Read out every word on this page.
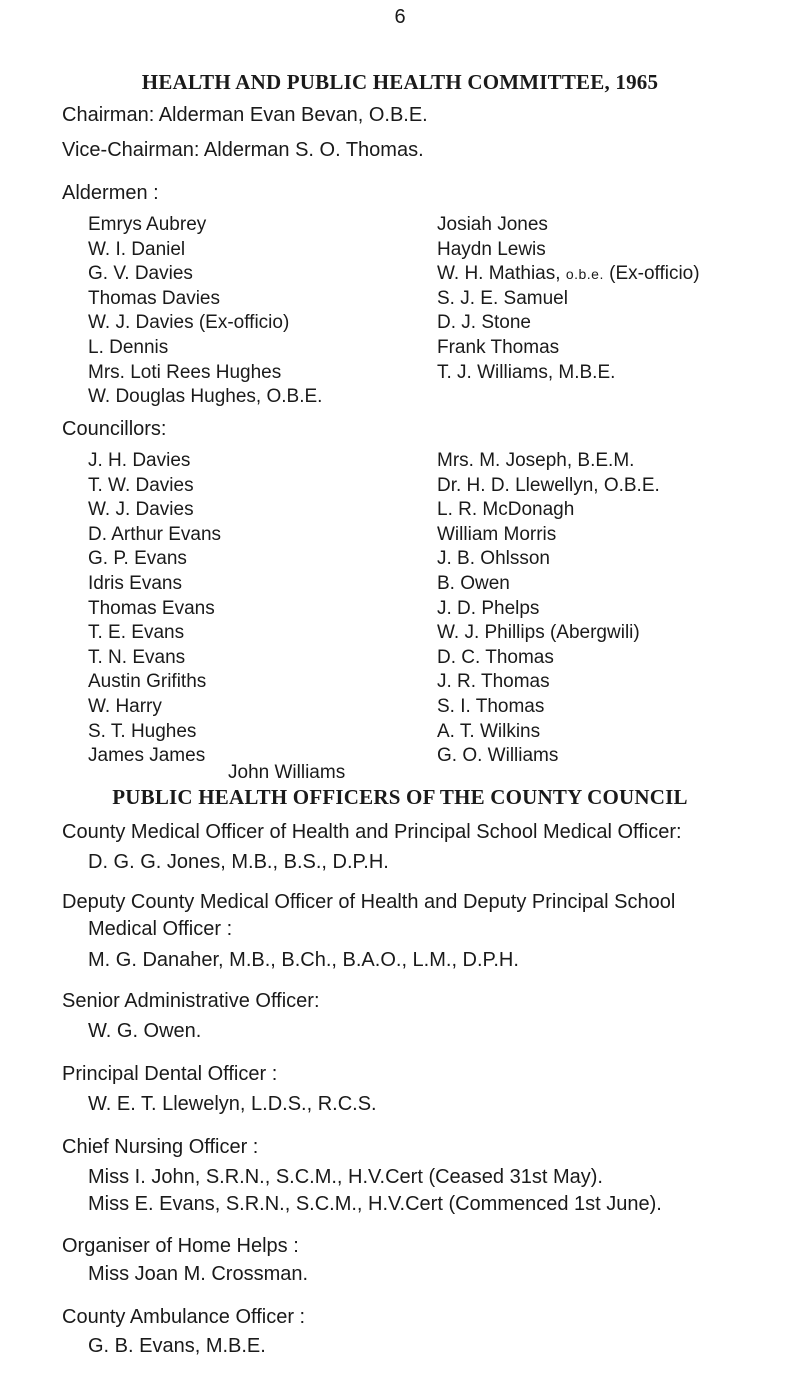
6
HEALTH AND PUBLIC HEALTH COMMITTEE, 1965
Chairman: Alderman Evan Bevan, O.B.E.
Vice-Chairman: Alderman S. O. Thomas.
Aldermen :
Emrys Aubrey
W. I. Daniel
G. V. Davies
Thomas Davies
W. J. Davies (Ex-officio)
L. Dennis
Mrs. Loti Rees Hughes
W. Douglas Hughes, O.B.E.
Josiah Jones
Haydn Lewis
W. H. Mathias, o.b.e. (Ex-officio)
S. J. E. Samuel
D. J. Stone
Frank Thomas
T. J. Williams, M.B.E.
Councillors:
J. H. Davies
T. W. Davies
W. J. Davies
D. Arthur Evans
G. P. Evans
Idris Evans
Thomas Evans
T. E. Evans
T. N. Evans
Austin Grifiths
W. Harry
S. T. Hughes
James James
Mrs. M. Joseph, B.E.M.
Dr. H. D. Llewellyn, O.B.E.
L. R. McDonagh
William Morris
J. B. Ohlsson
B. Owen
J. D. Phelps
W. J. Phillips (Abergwili)
D. C. Thomas
J. R. Thomas
S. I. Thomas
A. T. Wilkins
G. O. Williams
John Williams
PUBLIC HEALTH OFFICERS OF THE COUNTY COUNCIL
County Medical Officer of Health and Principal School Medical Officer:
D. G. G. Jones, M.B., B.S., D.P.H.
Deputy County Medical Officer of Health and Deputy Principal School
Medical Officer :
M. G. Danaher, M.B., B.Ch., B.A.O., L.M., D.P.H.
Senior Administrative Officer:
W. G. Owen.
Principal Dental Officer :
W. E. T. Llewelyn, L.D.S., R.C.S.
Chief Nursing Officer :
Miss I. John, S.R.N., S.C.M., H.V.Cert (Ceased 31st May).
Miss E. Evans, S.R.N., S.C.M., H.V.Cert (Commenced 1st June).
Organiser of Home Helps :
Miss Joan M. Crossman.
County Ambulance Officer :
G. B. Evans, M.B.E.
